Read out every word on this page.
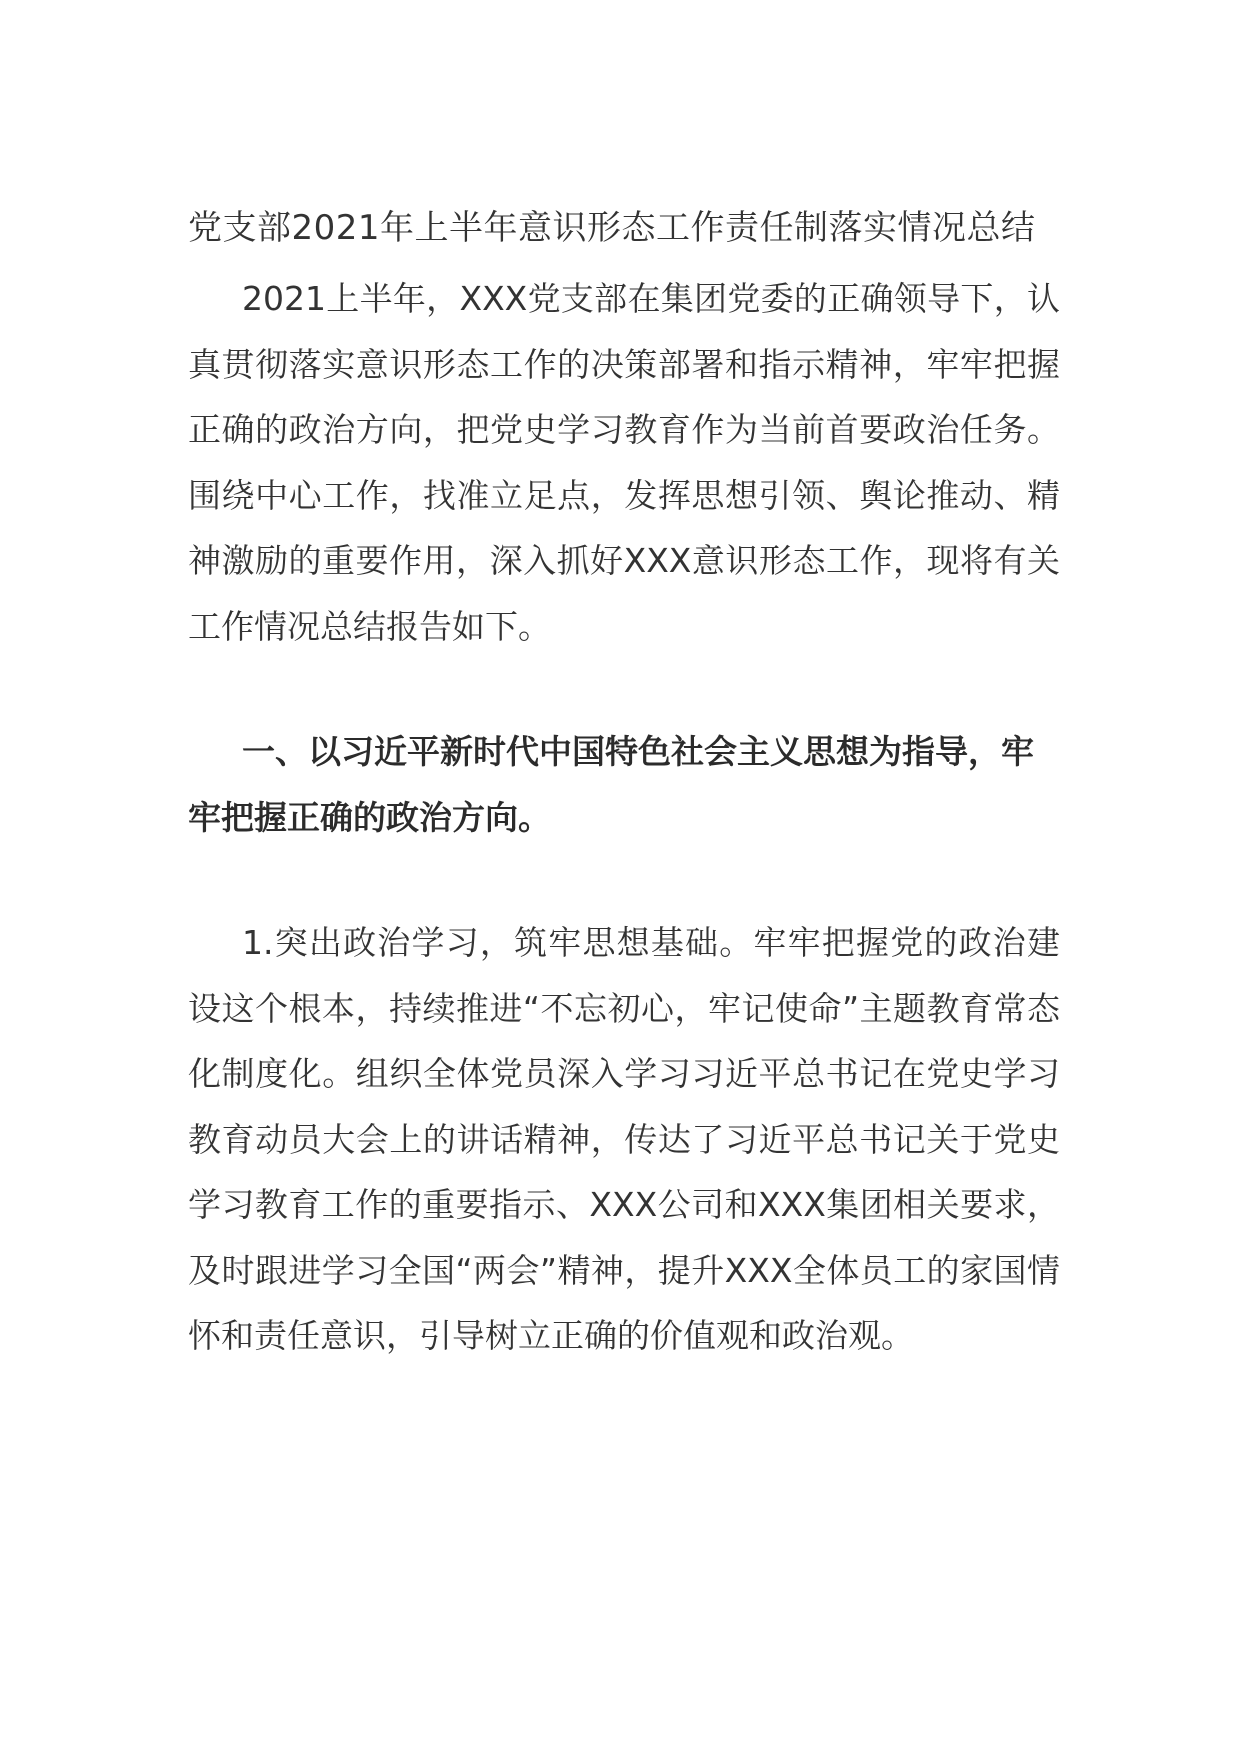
党支部2021年上半年意识形态工作责任制落实情况总结

2021上半年，XXX党支部在集团党委的正确领导下，认真贯彻落实意识形态工作的决策部署和指示精神，牢牢把握正确的政治方向，把党史学习教育作为当前首要政治任务。围绕中心工作，找准立足点，发挥思想引领、舆论推动、精神激励的重要作用，深入抓好XXX意识形态工作，现将有关工作情况总结报告如下。

一、以习近平新时代中国特色社会主义思想为指导，牢牢把握正确的政治方向。

1.突出政治学习，筑牢思想基础。牢牢把握党的政治建设这个根本，持续推进“不忘初心，牢记使命”主题教育常态化制度化。组织全体党员深入学习习近平总书记在党史学习教育动员大会上的讲话精神，传达了习近平总书记关于党史学习教育工作的重要指示、XXX公司和XXX集团相关要求，及时跟进学习全国“两会”精神，提升XXX全体员工的家国情怀和责任意识，引导树立正确的价值观和政治观。
